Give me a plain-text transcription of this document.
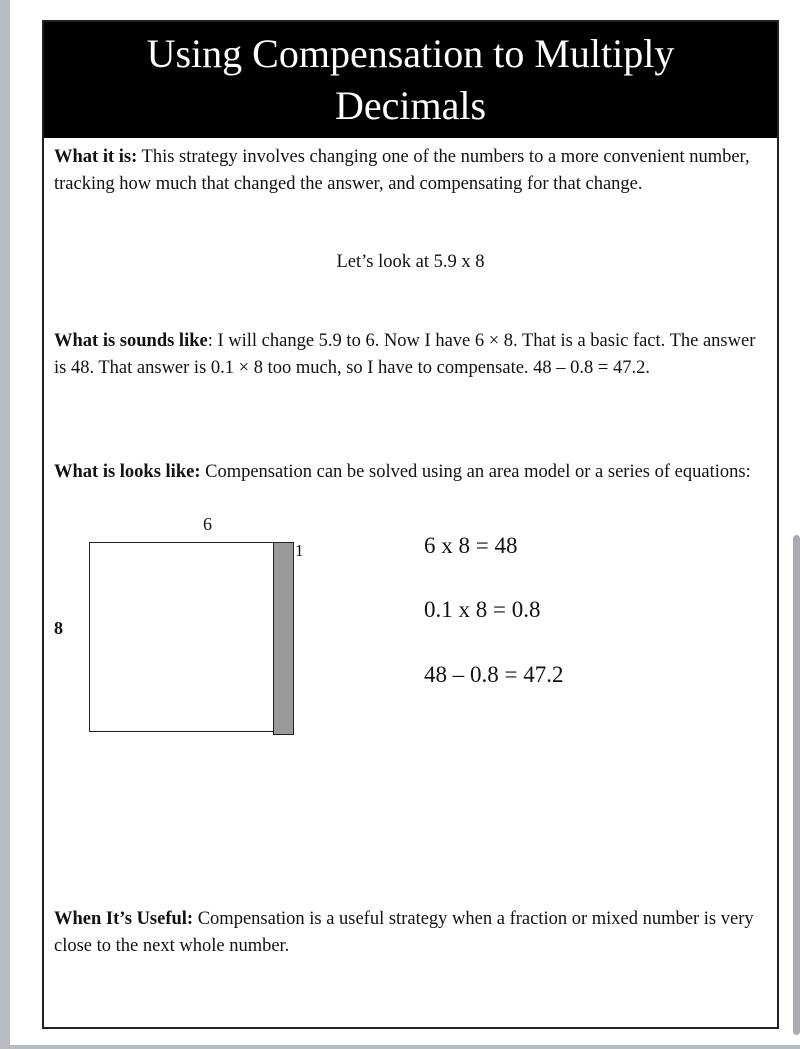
Using Compensation to Multiply Decimals

What it is: This strategy involves changing one of the numbers to a more convenient number, tracking how much that changed the answer, and compensating for that change.

Let’s look at 5.9 x 8

What is sounds like: I will change 5.9 to 6. Now I have 6 × 8. That is a basic fact. The answer is 48. That answer is 0.1 × 8 too much, so I have to compensate. 48 – 0.8 = 47.2.

What is looks like: Compensation can be solved using an area model or a series of equations:

6
1
8

6 x 8 = 48

0.1 x 8 = 0.8

48 – 0.8 = 47.2

When It’s Useful: Compensation is a useful strategy when a fraction or mixed number is very close to the next whole number.
